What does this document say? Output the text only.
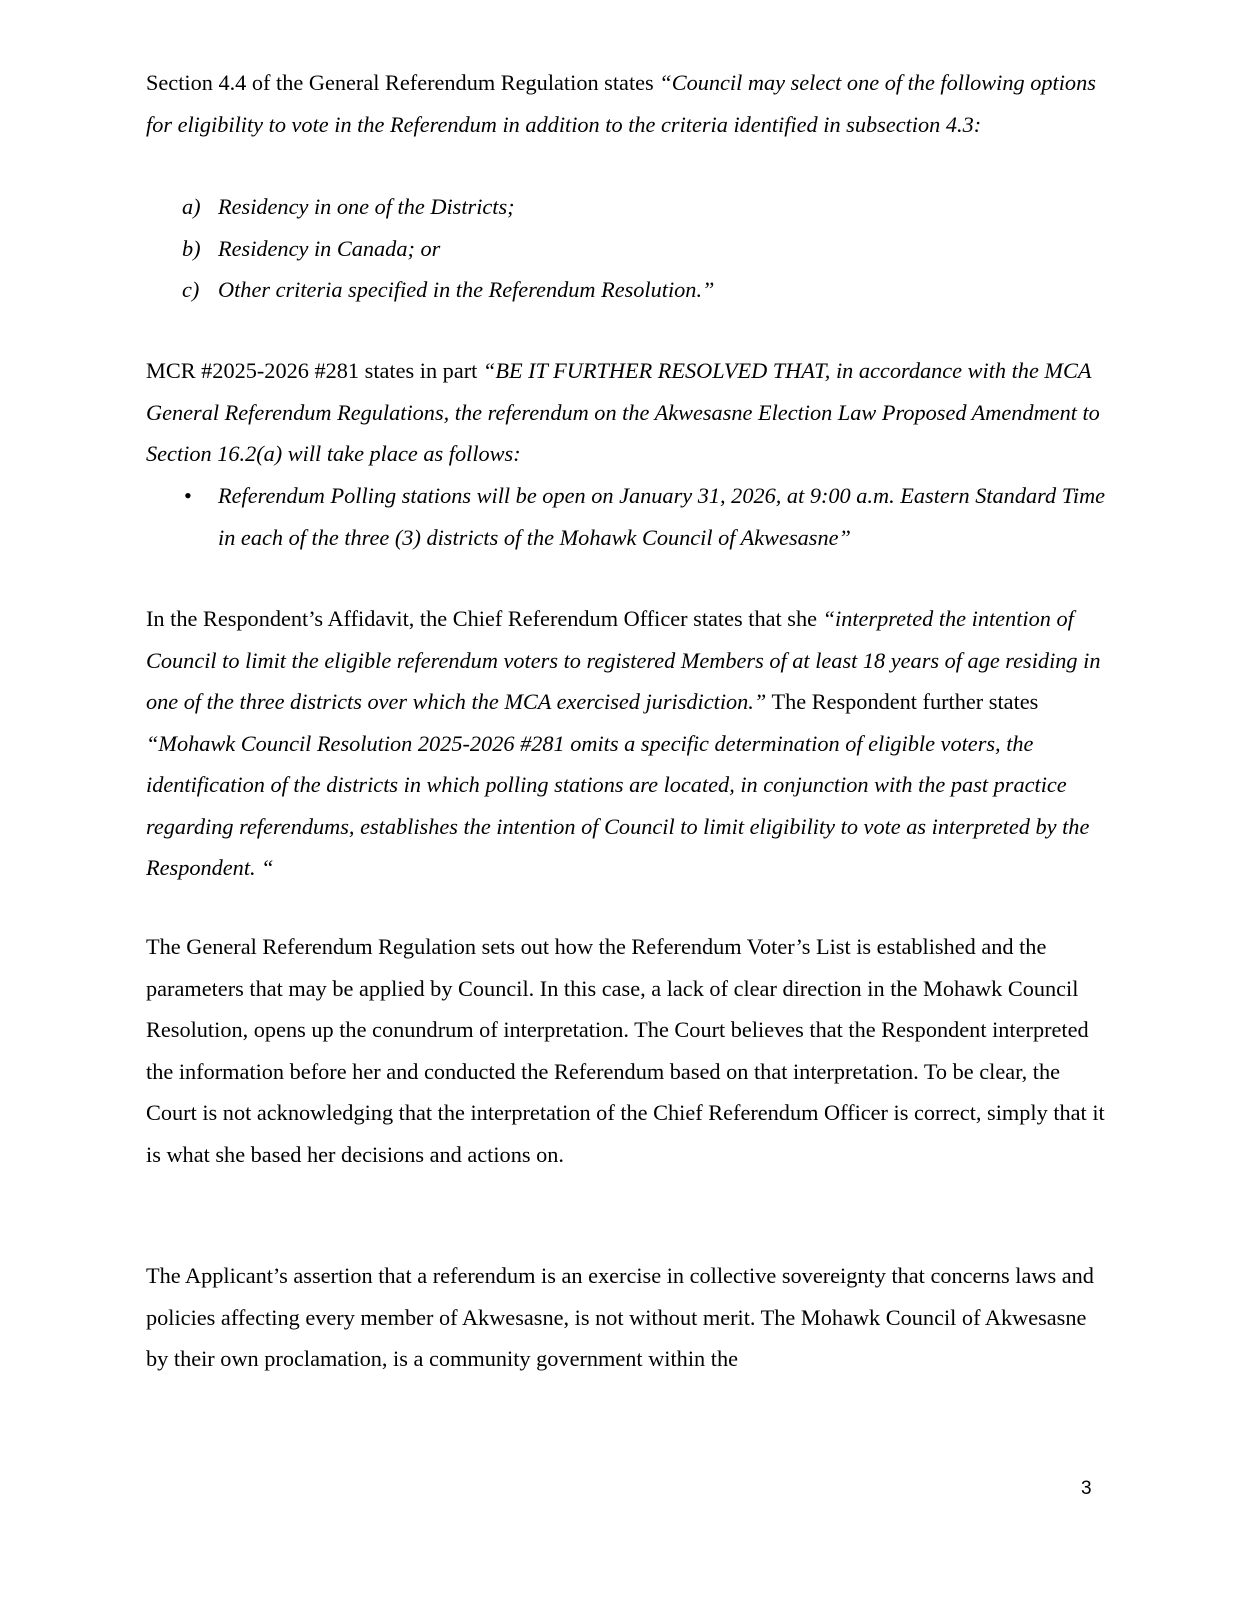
Section 4.4 of the General Referendum Regulation states “Council may select one of the following options for eligibility to vote in the Referendum in addition to the criteria identified in subsection 4.3:

a) Residency in one of the Districts;
b) Residency in Canada; or
c) Other criteria specified in the Referendum Resolution.”

MCR #2025-2026 #281 states in part “BE IT FURTHER RESOLVED THAT, in accordance with the MCA General Referendum Regulations, the referendum on the Akwesasne Election Law Proposed Amendment to Section 16.2(a) will take place as follows:

• Referendum Polling stations will be open on January 31, 2026, at 9:00 a.m. Eastern Standard Time in each of the three (3) districts of the Mohawk Council of Akwesasne”

In the Respondent’s Affidavit, the Chief Referendum Officer states that she “interpreted the intention of Council to limit the eligible referendum voters to registered Members of at least 18 years of age residing in one of the three districts over which the MCA exercised jurisdiction.” The Respondent further states “Mohawk Council Resolution 2025-2026 #281 omits a specific determination of eligible voters, the identification of the districts in which polling stations are located, in conjunction with the past practice regarding referendums, establishes the intention of Council to limit eligibility to vote as interpreted by the Respondent. “

The General Referendum Regulation sets out how the Referendum Voter’s List is established and the parameters that may be applied by Council. In this case, a lack of clear direction in the Mohawk Council Resolution, opens up the conundrum of interpretation. The Court believes that the Respondent interpreted the information before her and conducted the Referendum based on that interpretation. To be clear, the Court is not acknowledging that the interpretation of the Chief Referendum Officer is correct, simply that it is what she based her decisions and actions on.

The Applicant’s assertion that a referendum is an exercise in collective sovereignty that concerns laws and policies affecting every member of Akwesasne, is not without merit. The Mohawk Council of Akwesasne by their own proclamation, is a community government within the

3
